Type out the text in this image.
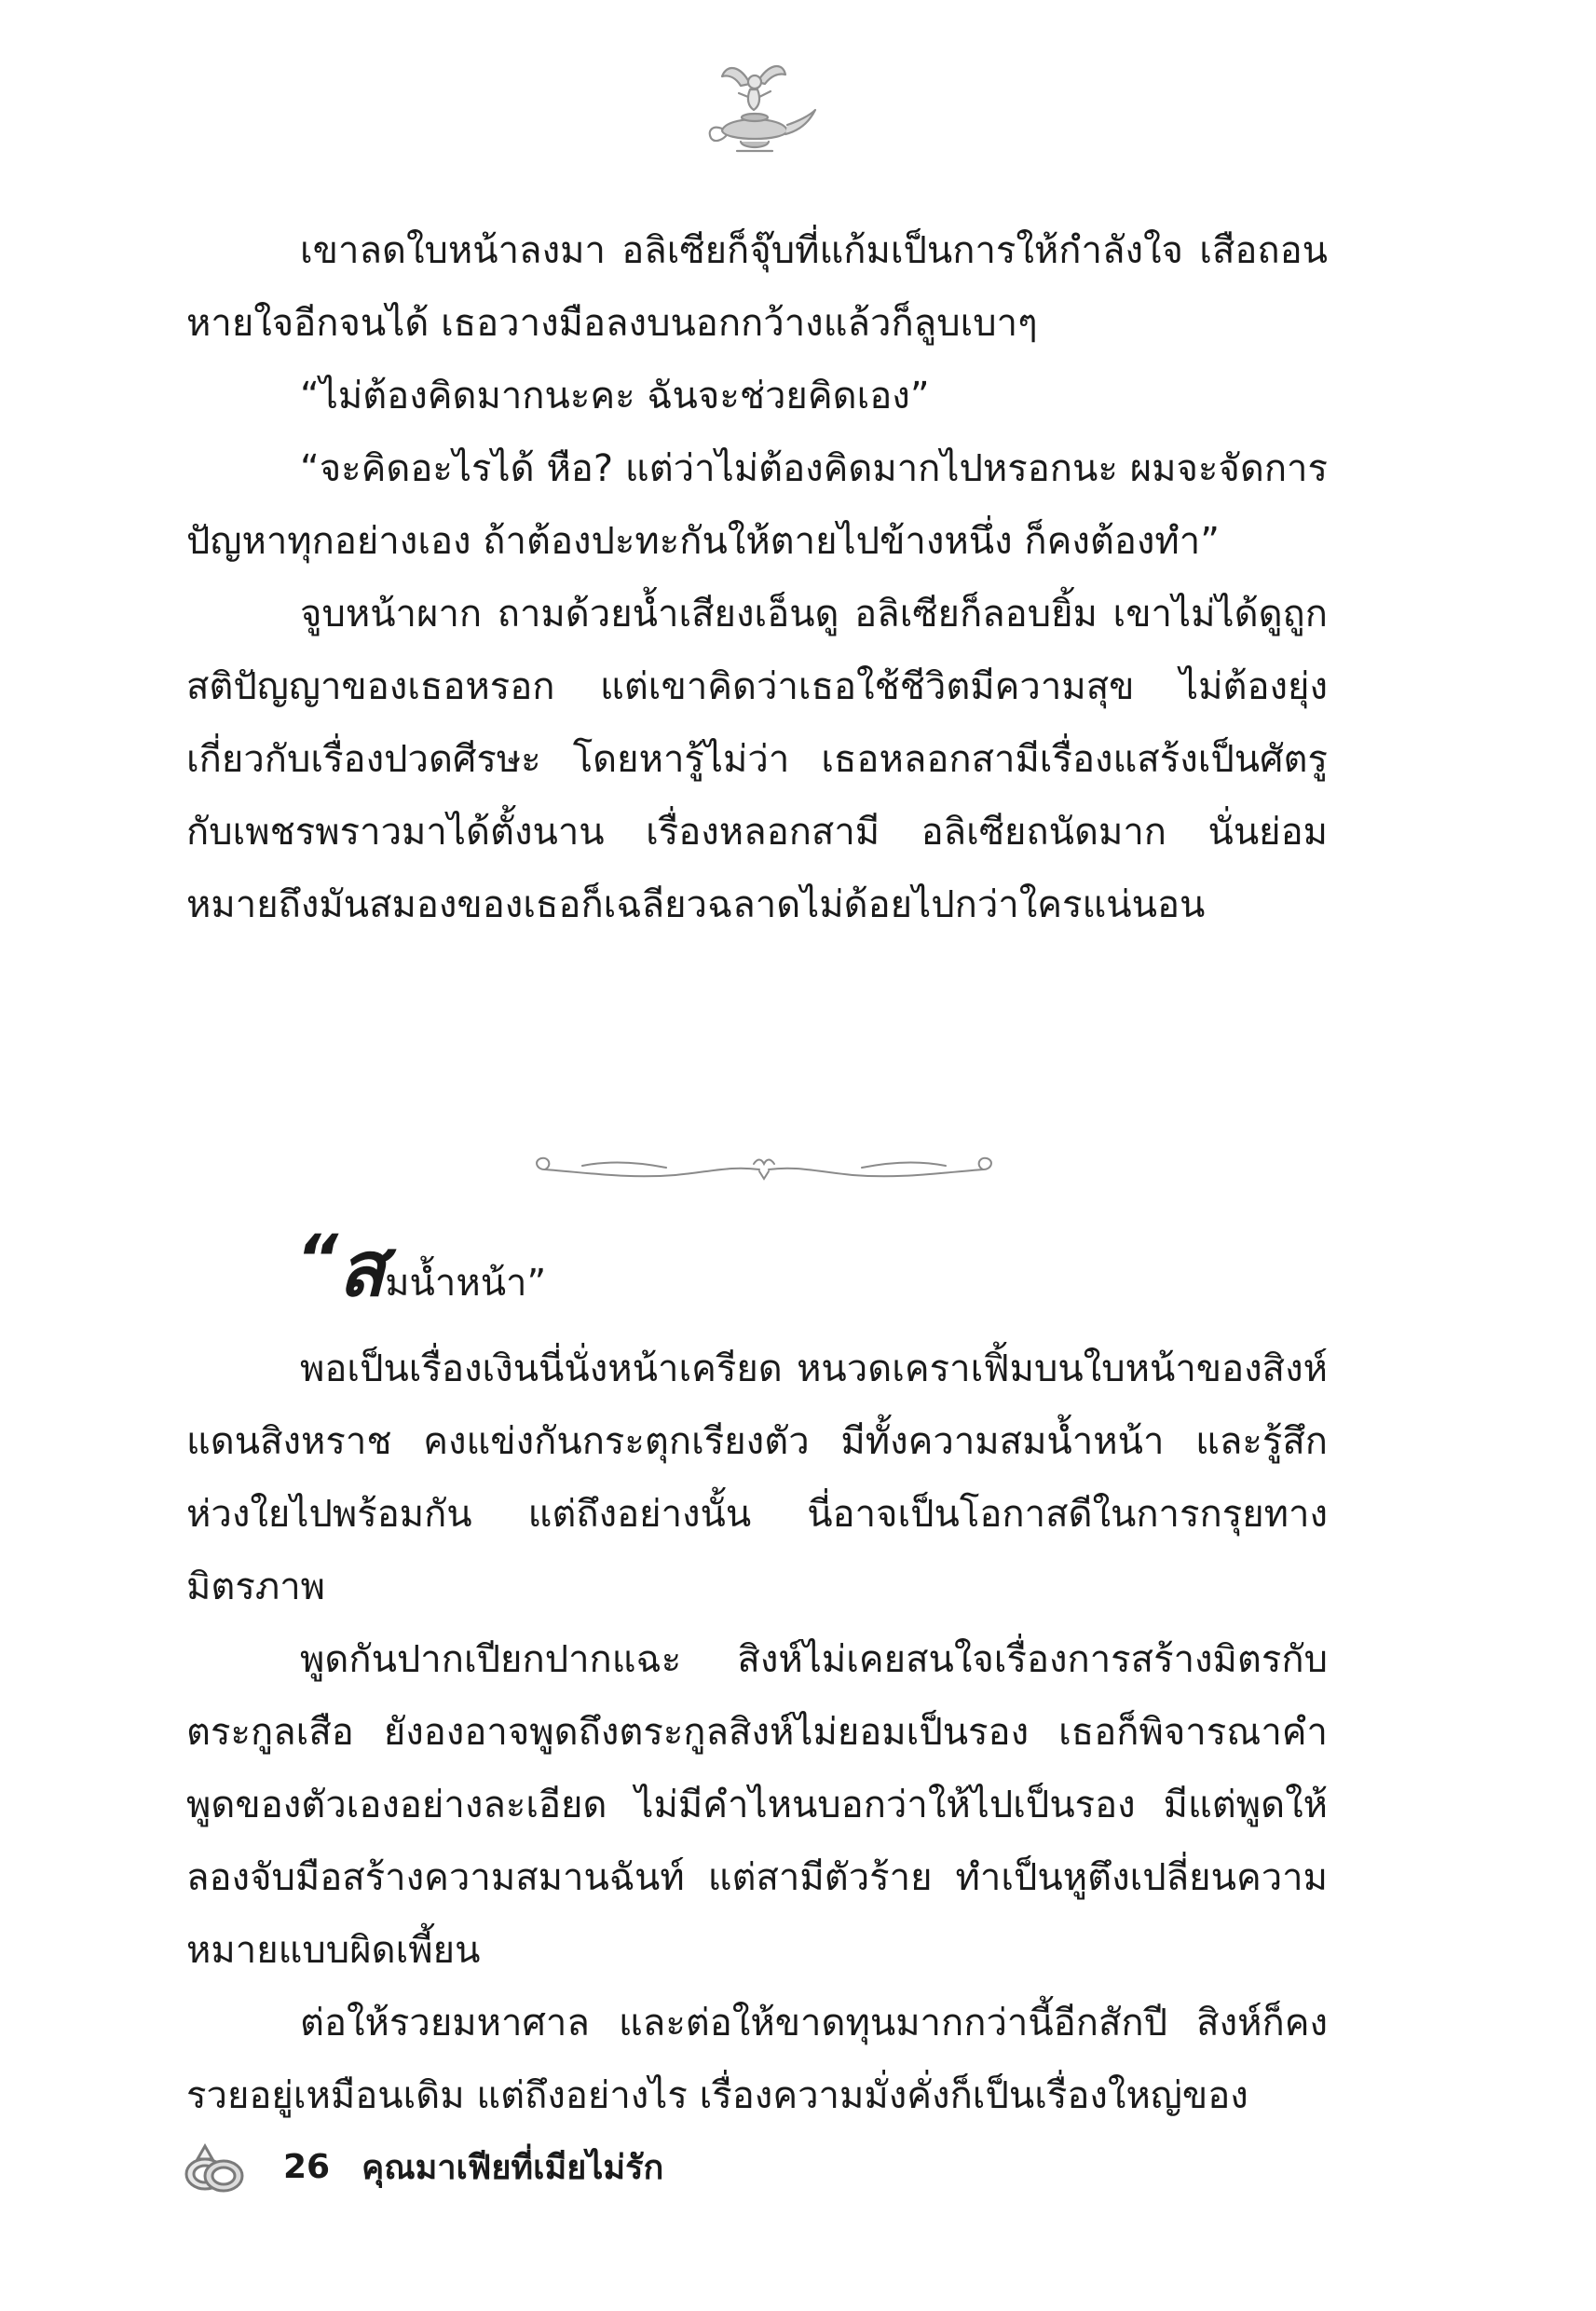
เขาลดใบหน้าลงมา อลิเซียก็จุ๊บที่แก้มเป็นการให้กำลังใจ เสือถอนหายใจอีกจนได้ เธอวางมือลงบนอกกว้างแล้วก็ลูบเบาๆ

“ไม่ต้องคิดมากนะคะ ฉันจะช่วยคิดเอง”

“จะคิดอะไรได้ หือ? แต่ว่าไม่ต้องคิดมากไปหรอกนะ ผมจะจัดการปัญหาทุกอย่างเอง ถ้าต้องปะทะกันให้ตายไปข้างหนึ่ง ก็คงต้องทำ”

จูบหน้าผาก ถามด้วยน้ำเสียงเอ็นดู อลิเซียก็ลอบยิ้ม เขาไม่ได้ดูถูกสติปัญญาของเธอหรอก แต่เขาคิดว่าเธอใช้ชีวิตมีความสุข ไม่ต้องยุ่งเกี่ยวกับเรื่องปวดศีรษะ โดยหารู้ไม่ว่า เธอหลอกสามีเรื่องแสร้งเป็นศัตรูกับเพชรพราวมาได้ตั้งนาน เรื่องหลอกสามี อลิเซียถนัดมาก นั่นย่อมหมายถึงมันสมองของเธอก็เฉลียวฉลาดไม่ด้อยไปกว่าใครแน่นอน

“สมน้ำหน้า”

พอเป็นเรื่องเงินนี่นั่งหน้าเครียด หนวดเคราเฟิ้มบนใบหน้าของสิงห์ แดนสิงหราช คงแข่งกันกระตุกเรียงตัว มีทั้งความสมน้ำหน้า และรู้สึกห่วงใยไปพร้อมกัน แต่ถึงอย่างนั้น นี่อาจเป็นโอกาสดีในการกรุยทางมิตรภาพ

พูดกันปากเปียกปากแฉะ สิงห์ไม่เคยสนใจเรื่องการสร้างมิตรกับตระกูลเสือ ยังองอาจพูดถึงตระกูลสิงห์ไม่ยอมเป็นรอง เธอก็พิจารณาคำพูดของตัวเองอย่างละเอียด ไม่มีคำไหนบอกว่าให้ไปเป็นรอง มีแต่พูดให้ลองจับมือสร้างความสมานฉันท์ แต่สามีตัวร้าย ทำเป็นหูตึงเปลี่ยนความหมายแบบผิดเพี้ยน

ต่อให้รวยมหาศาล และต่อให้ขาดทุนมากกว่านี้อีกสักปี สิงห์ก็คงรวยอยู่เหมือนเดิม แต่ถึงอย่างไร เรื่องความมั่งคั่งก็เป็นเรื่องใหญ่ของ

26 คุณมาเฟียที่เมียไม่รัก
